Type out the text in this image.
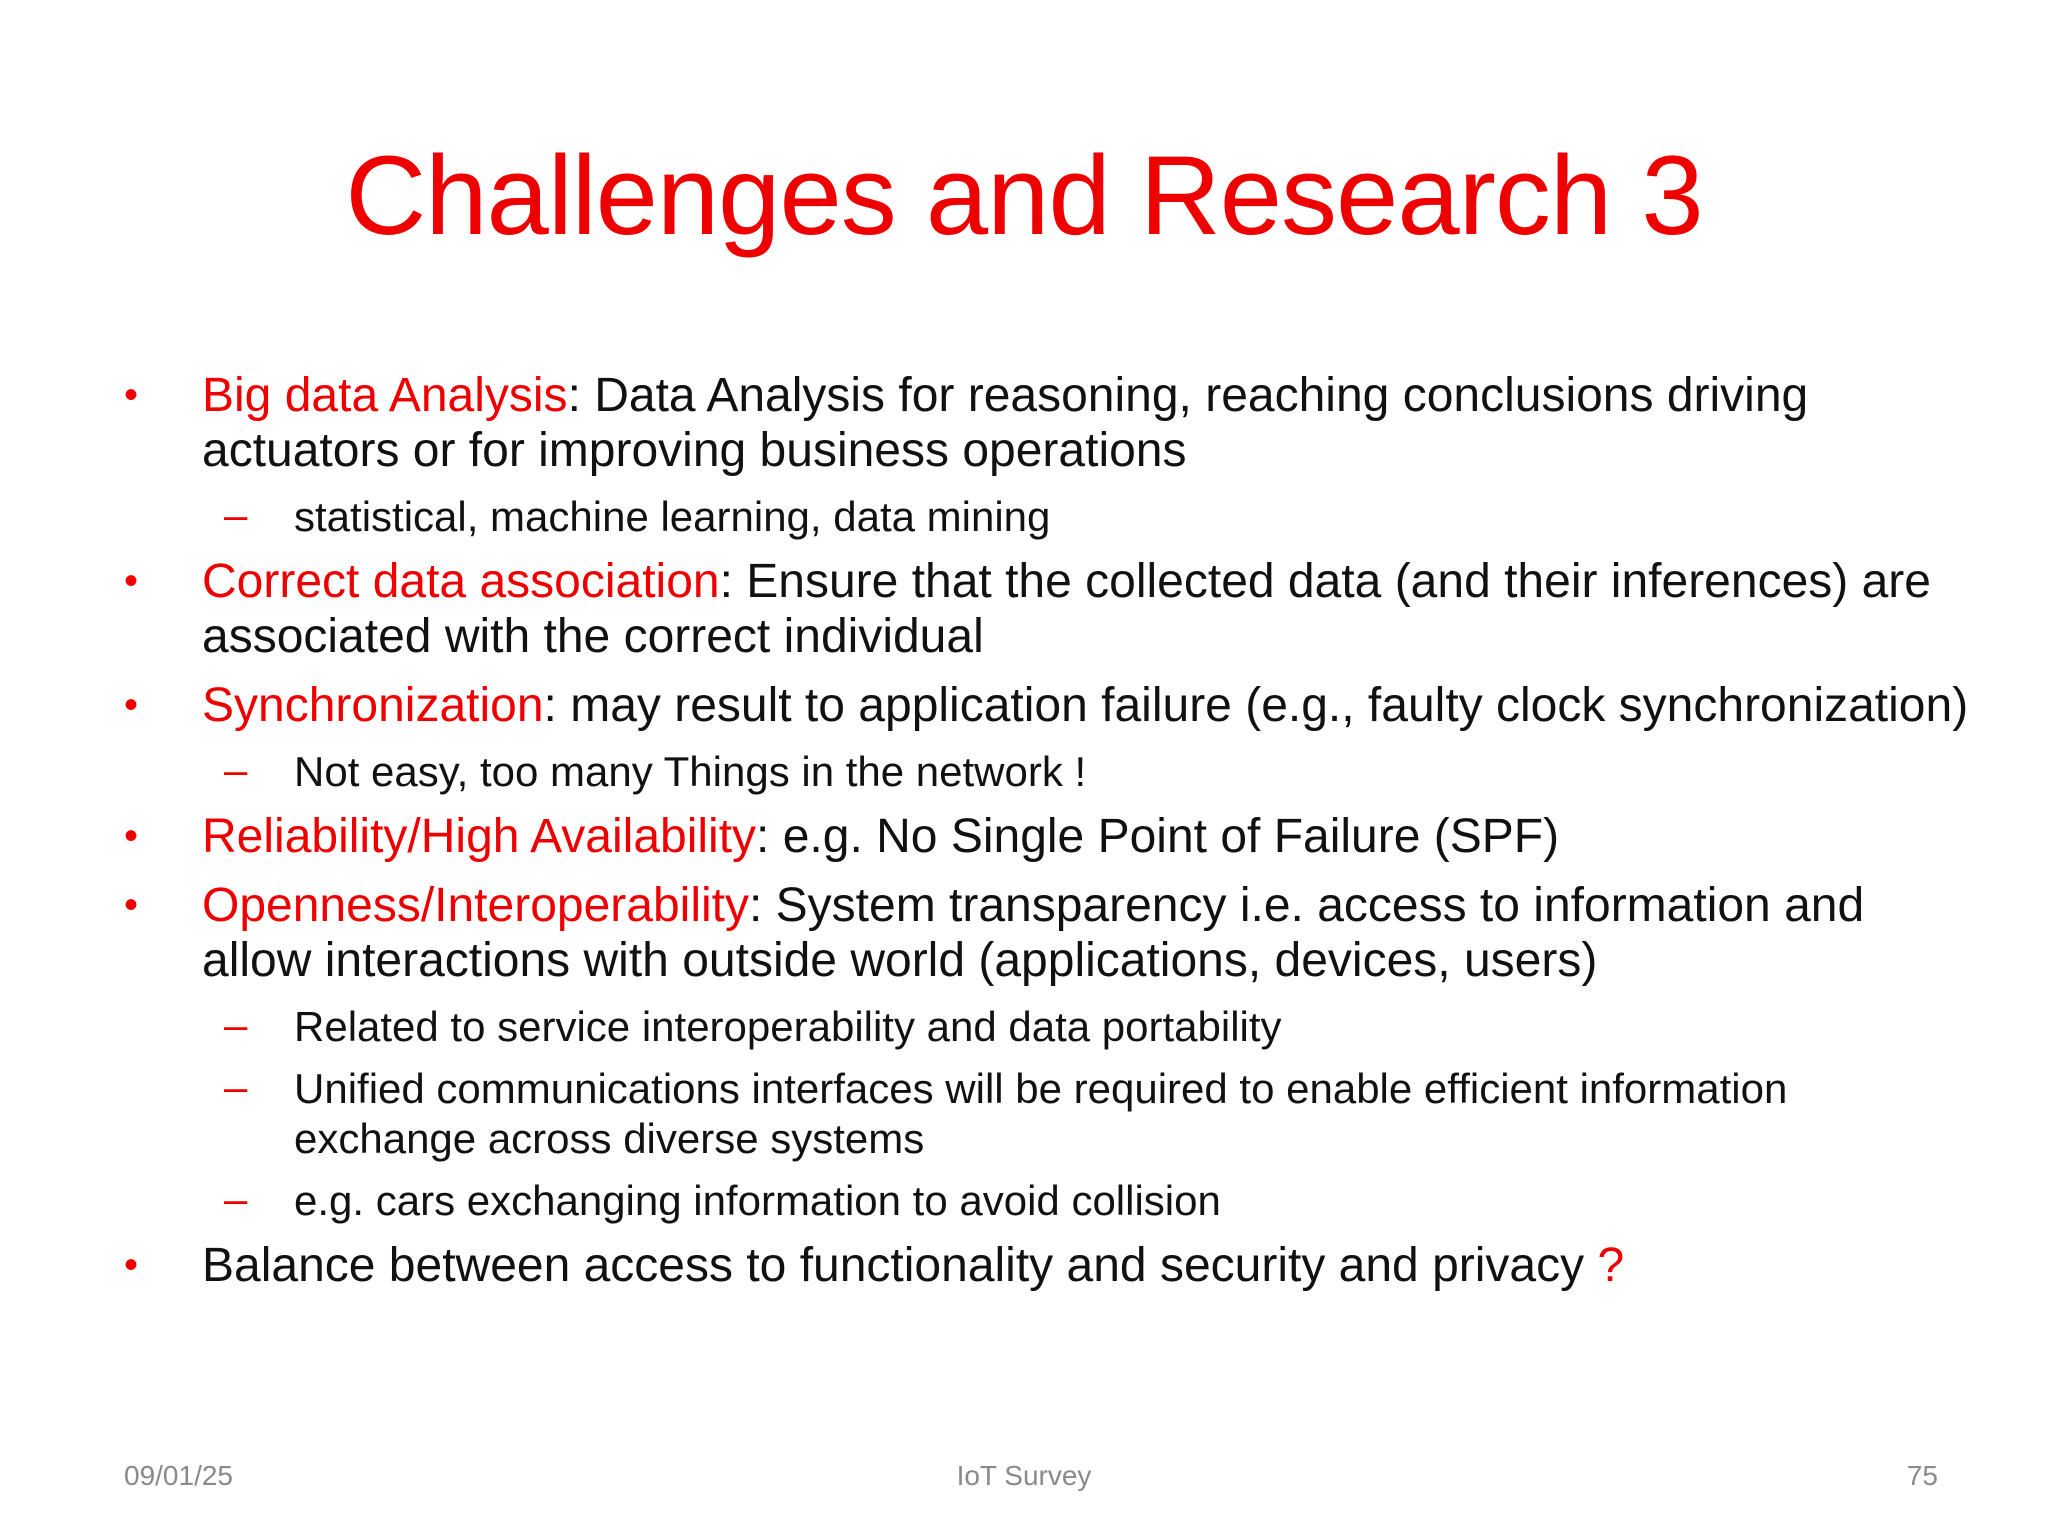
Challenges and Research 3
• Big data Analysis: Data Analysis for reasoning, reaching conclusions driving actuators or for improving business operations
– statistical, machine learning, data mining
• Correct data association: Ensure that the collected data (and their inferences) are associated with the correct individual
• Synchronization: may result to application failure (e.g., faulty clock synchronization)
– Not easy, too many Things in the network !
• Reliability/High Availability: e.g. No Single Point of Failure (SPF)
• Openness/Interoperability: System transparency i.e. access to information and allow interactions with outside world (applications, devices, users)
– Related to service interoperability and data portability
– Unified communications interfaces will be required to enable efficient information exchange across diverse systems
– e.g. cars exchanging information to avoid collision
• Balance between access to functionality and security and privacy ?
09/01/25	IoT Survey	75
